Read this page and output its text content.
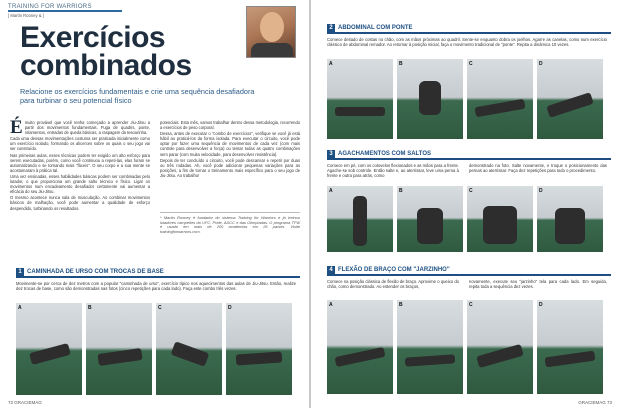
TRAINING FOR WARRIORS
[ Martin Rooney & ]
Exercícios
combinados
Relacione os exercícios fundamentais e crie uma sequência desafiadora para turbinar o seu potencial físico

É muito provável que você tenha começado a aprender Jiu-Jitsu a partir dos movimentos fundamentais. Fuga de quadris, ponte, rolamentos, entradas de queda básicas, a raspagem da tesourinha.

Cada uma dessas movimentações costuma ser praticada inicialmente como um exercício isolado, formando os alicerces sobre os quais o seu jogo vai ser construído.

Nas primeiras aulas, esses técnicas podem ter exigido um alto esforço para serem executadas, porém, como você continuou a repeti-las, elas foram se automatizando e se tornando mais "fáceis". O seu corpo e a sua mente se acostumaram à prática tal.

Uma vez ensinadas, esses habilidades básicas podem ser combinadas pelo lutador, o que proporciona um grande salto técnico e físico. Ligar os movimentos num encadeamento desafiador certamente vai aumentar a eficácia do seu Jiu-Jitsu.

O mesmo acontece nunca sala de musculação. Ao combinar movimentos básicos de malhação, você pode aumentar a qualidade de esforço despendido, turbinando os resultados.

potenciais. Esta mês, vamos trabalhar dentro dessa metodologia, recorrendo a exercícios de peso corporal.

Dessa, antes de executar o "combo de exercícios", verifique se você já está hábil ao praticá-los da forma isolada. Para executar o circuito, você pode optar por fazer uma sequência de movimentos de cada vez (com mais controle para desenvolver a força) ou tentar todas as quatro combinações sem parar (com muita velocidade, para desenvolver resistência).

Depois de ter concluído o circuito, você pode descansar e repetir por duas ou três rodadas. Ah, você pode adicionar pequenas variações para as posições, a fim de tornar o treinamento mais específico para o seu jogo de Jiu-Jitsu. Ao trabalho!

* Martin Rooney é fundador do sistema Training for Warriors e já treinou lutadores campeões do UFC, Pride, ADCC e das Olimpíadas. O programa TFW é usado em mais de 200 academias em 26 países. Visite trainingforwarriors.com.
1 CAMINHADA DE URSO COM TROCAS DE BASE
Movimente-se por cerca de dez metros com a popular "caminhada de urso", exercício típico nos aquecimentos das aulas de Jiu-Jitsu. Então, realize dez trocas de base, como são demonstradas nas fotos (cinco repetições para cada lado). Faça este combo três vezes.
A	B	C	D
72 GRACIEMAG
2 ABDOMINAL COM PONTE
Comece deitado de costas no chão, com as mãos próximas ao quadril. Sente-se enquanto dobra os joelhos. Agarre as canelas, como num exercício clássico de abdominal remador. Ao retornar à posição inicial, faça o movimento tradicional de "ponte". Repita a dinâmica 10 vezes.
A	B	C	D
3 AGACHAMENTOS COM SALTOS
Comece em pé, com os cotovelos flexionados e as mãos para a frente. Agache-se sob controle. Então salte e, ao aterrissar, leve uma perna à frente e outra para atrás, como
demonstrado na foto. Salte novamente, e troque o posicionamento das pernas ao aterrissar. Faça dez repetições para todo o procedimento.
A	B	C	D
4 FLEXÃO DE BRAÇO COM "JARZINHO"
Comece na posição clássica de flexão de braço. Aproxime o queixo do chão, como demonstrado. Ao estender os braços,
novamente, execute seu "jarzinho" tela para cada lado. Em seguida, repita toda a sequência dez vezes.
A	B	C	D
GRACIEMAG 73
